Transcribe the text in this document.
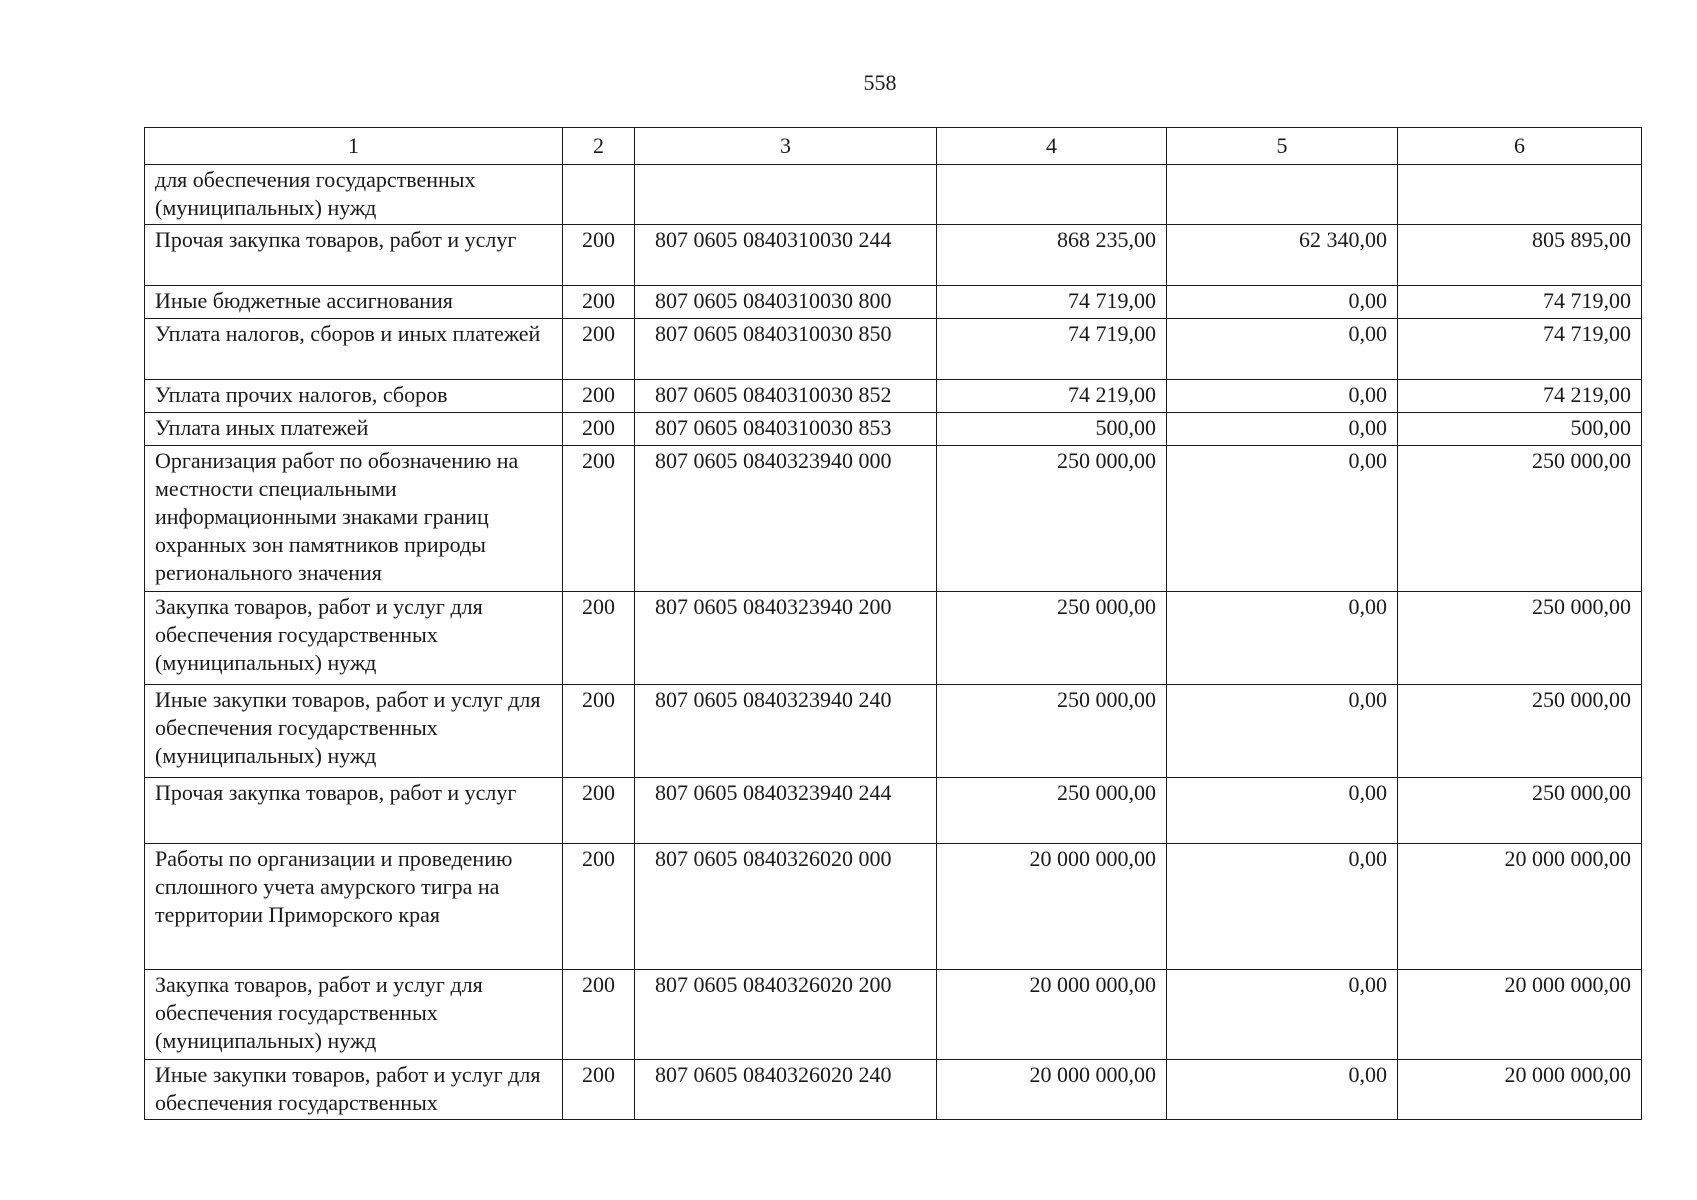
558
1	2	3	4	5	6
для обеспечения государственных (муниципальных) нужд					
Прочая закупка товаров, работ и услуг	200	807 0605 0840310030 244	868 235,00	62 340,00	805 895,00
Иные бюджетные ассигнования	200	807 0605 0840310030 800	74 719,00	0,00	74 719,00
Уплата налогов, сборов и иных платежей	200	807 0605 0840310030 850	74 719,00	0,00	74 719,00
Уплата прочих налогов, сборов	200	807 0605 0840310030 852	74 219,00	0,00	74 219,00
Уплата иных платежей	200	807 0605 0840310030 853	500,00	0,00	500,00
Организация работ по обозначению на местности специальными информационными знаками границ охранных зон памятников природы регионального значения	200	807 0605 0840323940 000	250 000,00	0,00	250 000,00
Закупка товаров, работ и услуг для обеспечения государственных (муниципальных) нужд	200	807 0605 0840323940 200	250 000,00	0,00	250 000,00
Иные закупки товаров, работ и услуг для обеспечения государственных (муниципальных) нужд	200	807 0605 0840323940 240	250 000,00	0,00	250 000,00
Прочая закупка товаров, работ и услуг	200	807 0605 0840323940 244	250 000,00	0,00	250 000,00
Работы по организации и проведению сплошного учета амурского тигра на территории Приморского края	200	807 0605 0840326020 000	20 000 000,00	0,00	20 000 000,00
Закупка товаров, работ и услуг для обеспечения государственных (муниципальных) нужд	200	807 0605 0840326020 200	20 000 000,00	0,00	20 000 000,00
Иные закупки товаров, работ и услуг для обеспечения государственных	200	807 0605 0840326020 240	20 000 000,00	0,00	20 000 000,00
